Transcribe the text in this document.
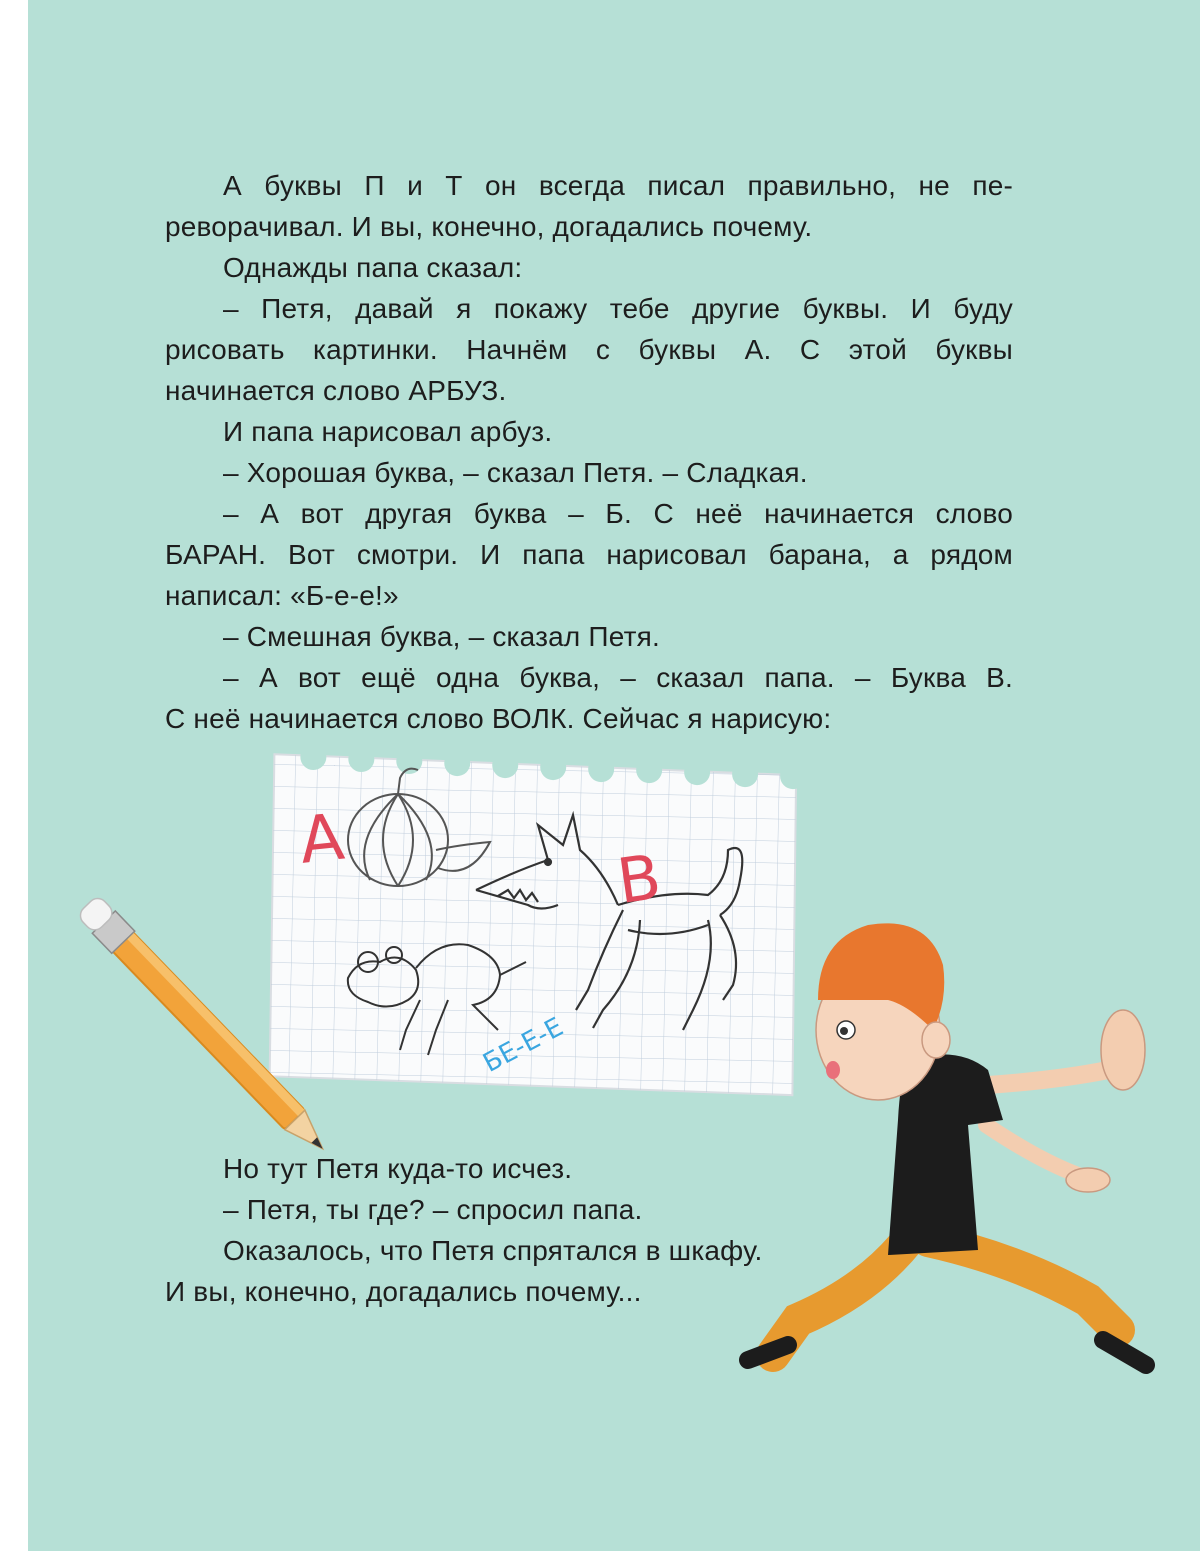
А буквы П и Т он всегда писал правильно, не пе-

реворачивал. И вы, конечно, догадались почему.

Однажды папа сказал:

– Петя, давай я покажу тебе другие буквы. И буду

рисовать картинки. Начнём с буквы А. С этой буквы

начинается слово АРБУЗ.

И папа нарисовал арбуз.

– Хорошая буква, – сказал Петя. – Сладкая.

– А вот другая буква – Б. С неё начинается слово

БАРАН. Вот смотри. И папа нарисовал барана, а рядом

написал: «Б-е-е!»

– Смешная буква, – сказал Петя.

– А вот ещё одна буква, – сказал папа. – Буква В.

С неё начинается слово ВОЛК. Сейчас я нарисую:

А
В
БЕ-Е-Е

Но тут Петя куда-то исчез.

– Петя, ты где? – спросил папа.

Оказалось, что Петя спрятался в шкафу.

И вы, конечно, догадались почему...
